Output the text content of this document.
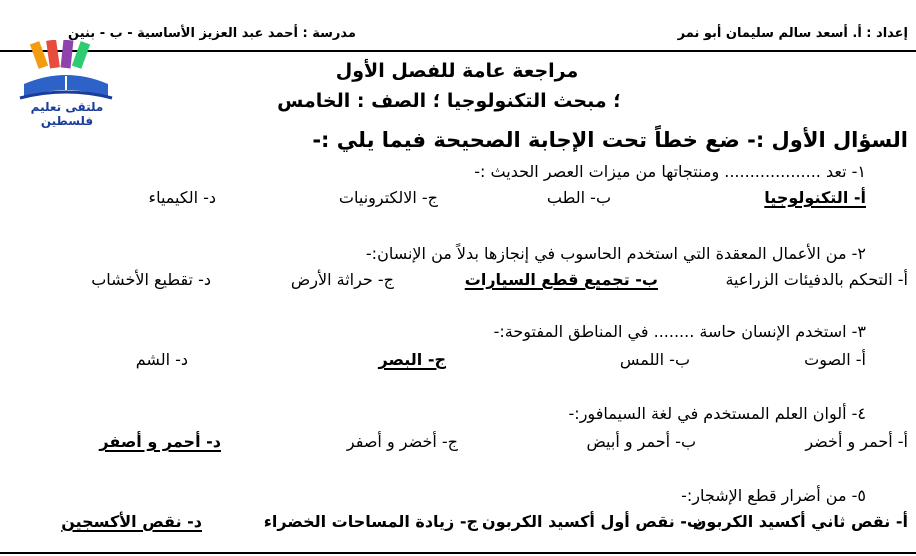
إعداد : أ. أسعد سالم سليمان أبو نمر
مدرسة : أحمد عبد العزيز الأساسية - ب - بنين
ملتقى تعليم فلسطين
مراجعة عامة للفصل الأول
؛ مبحث التكنولوجيا ؛ الصف : الخامس
السؤال الأول :- ضع خطاً تحت الإجابة الصحيحة فيما يلي :-
١- تعد ................... ومنتجاتها من ميزات العصر الحديث :-
أ- التكنولوجيا
ب- الطب
ج- الالكترونيات
د- الكيمياء
٢- من الأعمال المعقدة التي استخدم الحاسوب في إنجازها بدلاً من الإنسان:-
أ- التحكم بالدفيئات الزراعية
ب- تجميع قطع السيارات
ج- حراثة الأرض
د- تقطيع الأخشاب
٣- استخدم الإنسان حاسة ........ في المناطق المفتوحة:-
أ- الصوت
ب- اللمس
ج- البصر
د- الشم
٤- ألوان العلم المستخدم في لغة السيمافور:-
أ- أحمر و أخضر
ب- أحمر و أبيض
ج- أخضر و أصفر
د- أحمر و أصفر
٥- من أضرار قطع الإشجار:-
أ- نقص ثاني أكسيد الكربون
ب- نقص أول أكسيد الكربون
ج- زيادة المساحات الخضراء
د- نقص الأكسجين
